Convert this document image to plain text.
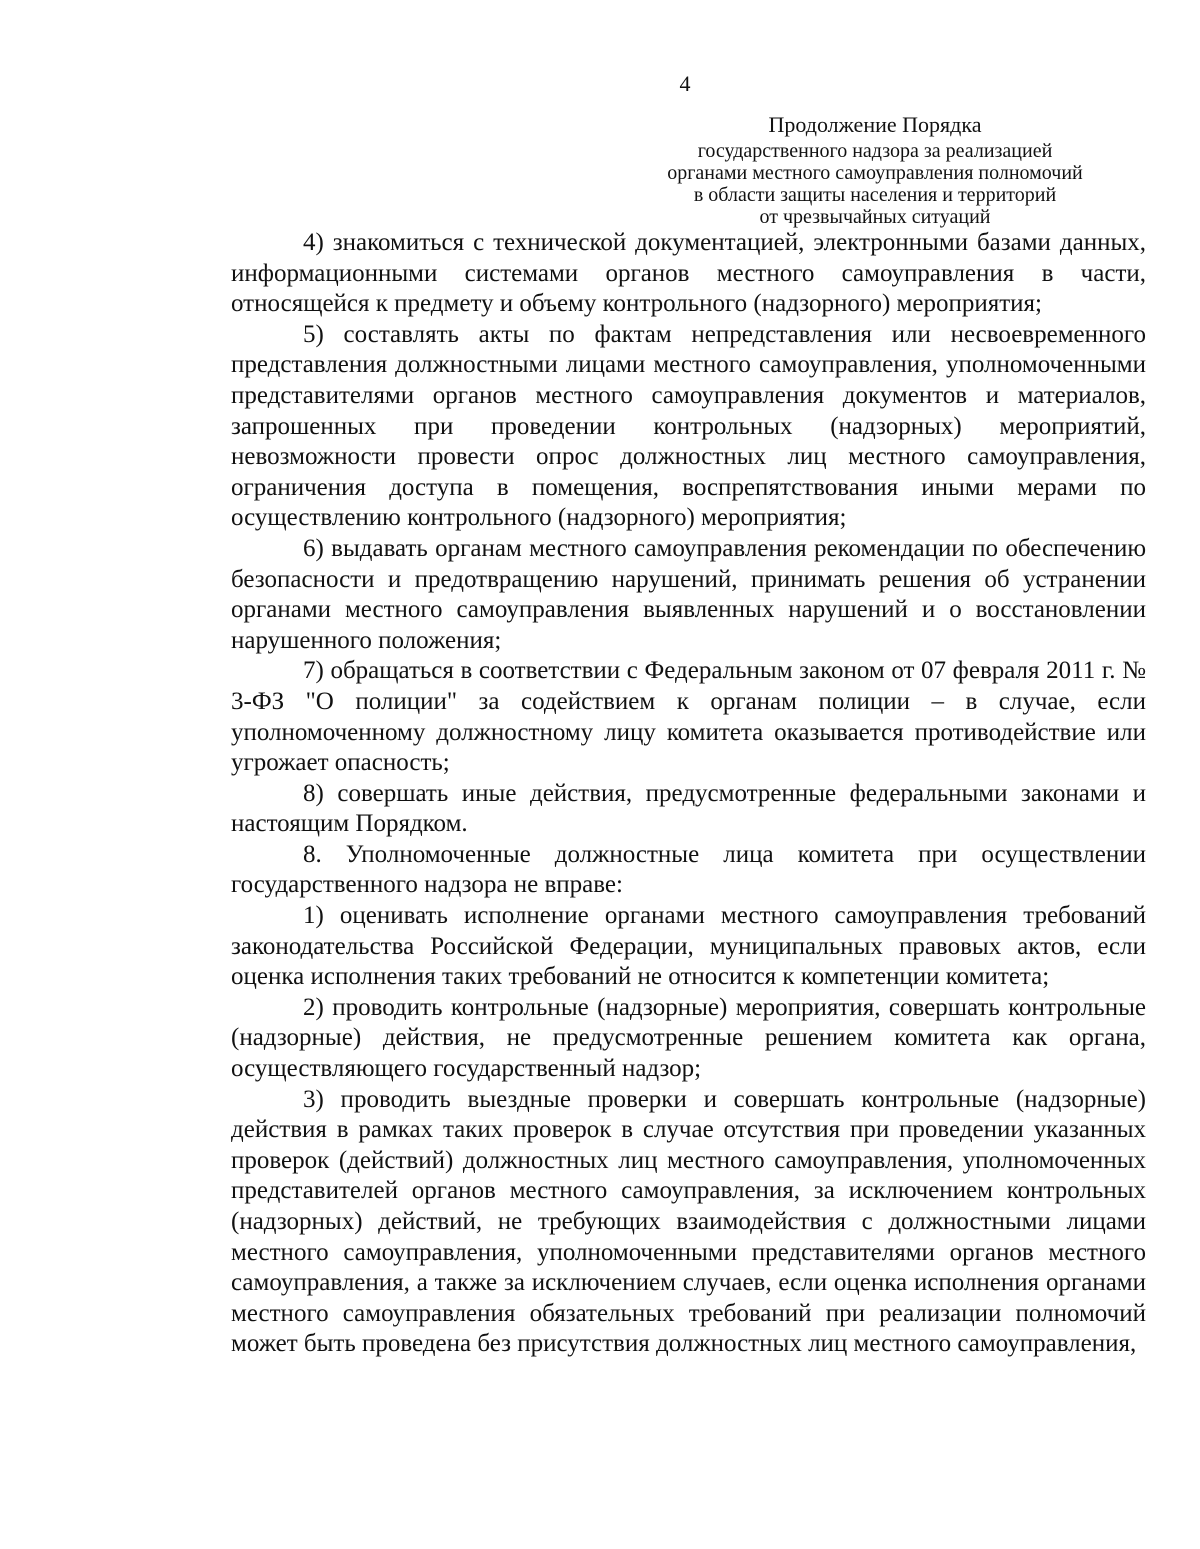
4
Продолжение Порядка
государственного надзора за реализацией
органами местного самоуправления полномочий
в области защиты населения и территорий
от чрезвычайных ситуаций

4) знакомиться с технической документацией, электронными базами данных, информационными системами органов местного самоуправления в части, относящейся к предмету и объему контрольного (надзорного) мероприятия;

5) составлять акты по фактам непредставления или несвоевременного представления должностными лицами местного самоуправления, уполномоченными представителями органов местного самоуправления документов и материалов, запрошенных при проведении контрольных (надзорных) мероприятий, невозможности провести опрос должностных лиц местного самоуправления, ограничения доступа в помещения, воспрепятствования иными мерами по осуществлению контрольного (надзорного) мероприятия;

6) выдавать органам местного самоуправления рекомендации по обеспечению безопасности и предотвращению нарушений, принимать решения об устранении органами местного самоуправления выявленных нарушений и о восстановлении нарушенного положения;

7) обращаться в соответствии с Федеральным законом от 07 февраля 2011 г. № 3-ФЗ "О полиции" за содействием к органам полиции – в случае, если уполномоченному должностному лицу комитета оказывается противодействие или угрожает опасность;

8) совершать иные действия, предусмотренные федеральными законами и настоящим Порядком.

8. Уполномоченные должностные лица комитета при осуществлении государственного надзора не вправе:

1) оценивать исполнение органами местного самоуправления требований законодательства Российской Федерации, муниципальных правовых актов, если оценка исполнения таких требований не относится к компетенции комитета;

2) проводить контрольные (надзорные) мероприятия, совершать контрольные (надзорные) действия, не предусмотренные решением комитета как органа, осуществляющего государственный надзор;

3) проводить выездные проверки и совершать контрольные (надзорные) действия в рамках таких проверок в случае отсутствия при проведении указанных проверок (действий) должностных лиц местного самоуправления, уполномоченных представителей органов местного самоуправления, за исключением контрольных (надзорных) действий, не требующих взаимодействия с должностными лицами местного самоуправления, уполномоченными представителями органов местного самоуправления, а также за исключением случаев, если оценка исполнения органами местного самоуправления обязательных требований при реализации полномочий может быть проведена без присутствия должностных лиц местного самоуправления,
